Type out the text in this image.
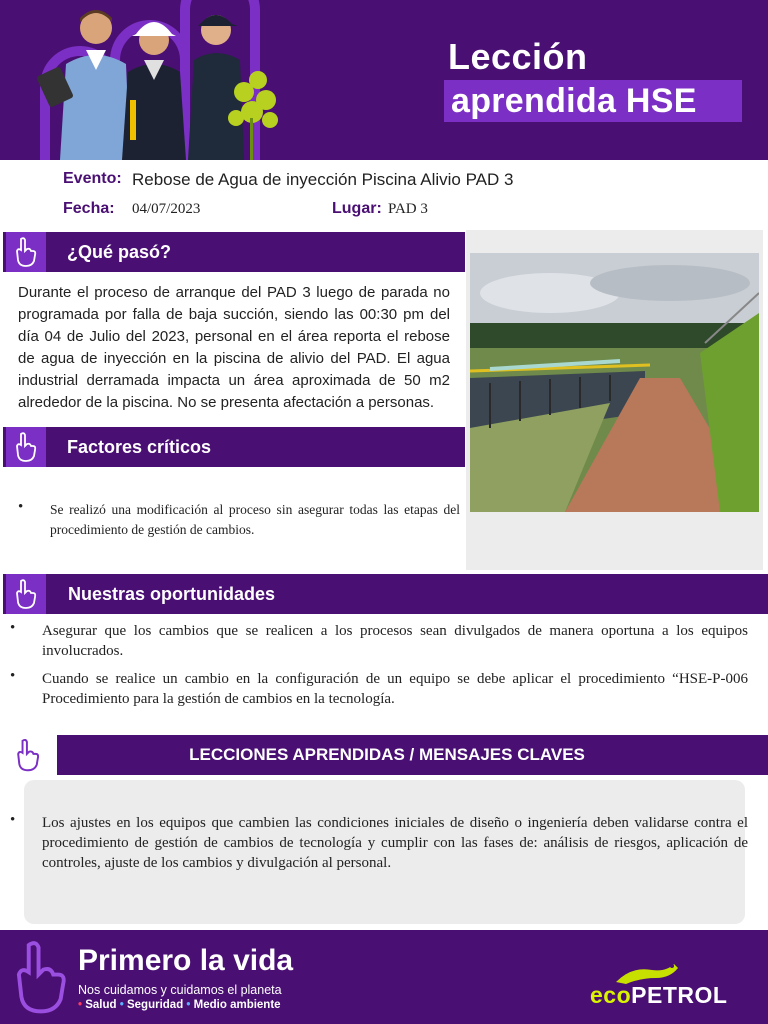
Lección
aprendida HSE
Evento: Rebose de Agua de inyección Piscina Alivio PAD 3
Fecha: 04/07/2023	Lugar: PAD 3
¿Qué pasó?
Durante el proceso de arranque del PAD 3 luego de parada no programada por falla de baja succión, siendo las 00:30 pm del día 04 de Julio del 2023, personal en el área reporta el rebose de agua de inyección en la piscina de alivio del PAD. El agua industrial derramada impacta un área aproximada de 50 m2 alrededor de la piscina. No se presenta afectación a personas.
Factores críticos
• Se realizó una modificación al proceso sin asegurar todas las etapas del procedimiento de gestión de cambios.
Nuestras oportunidades
• Asegurar que los cambios que se realicen a los procesos sean divulgados de manera oportuna a los equipos involucrados.
• Cuando se realice un cambio en la configuración de un equipo se debe aplicar el procedimiento “HSE-P-006 Procedimiento para la gestión de cambios en la tecnología.
LECCIONES APRENDIDAS / MENSAJES CLAVES
• Los ajustes en los equipos que cambien las condiciones iniciales de diseño o ingeniería deben validarse contra el procedimiento de gestión de cambios de tecnología y cumplir con las fases de: análisis de riesgos, aplicación de controles, ajuste de los cambios y divulgación al personal.
Primero la vida
Nos cuidamos y cuidamos el planeta
• Salud • Seguridad • Medio ambiente	ecoPETROL
